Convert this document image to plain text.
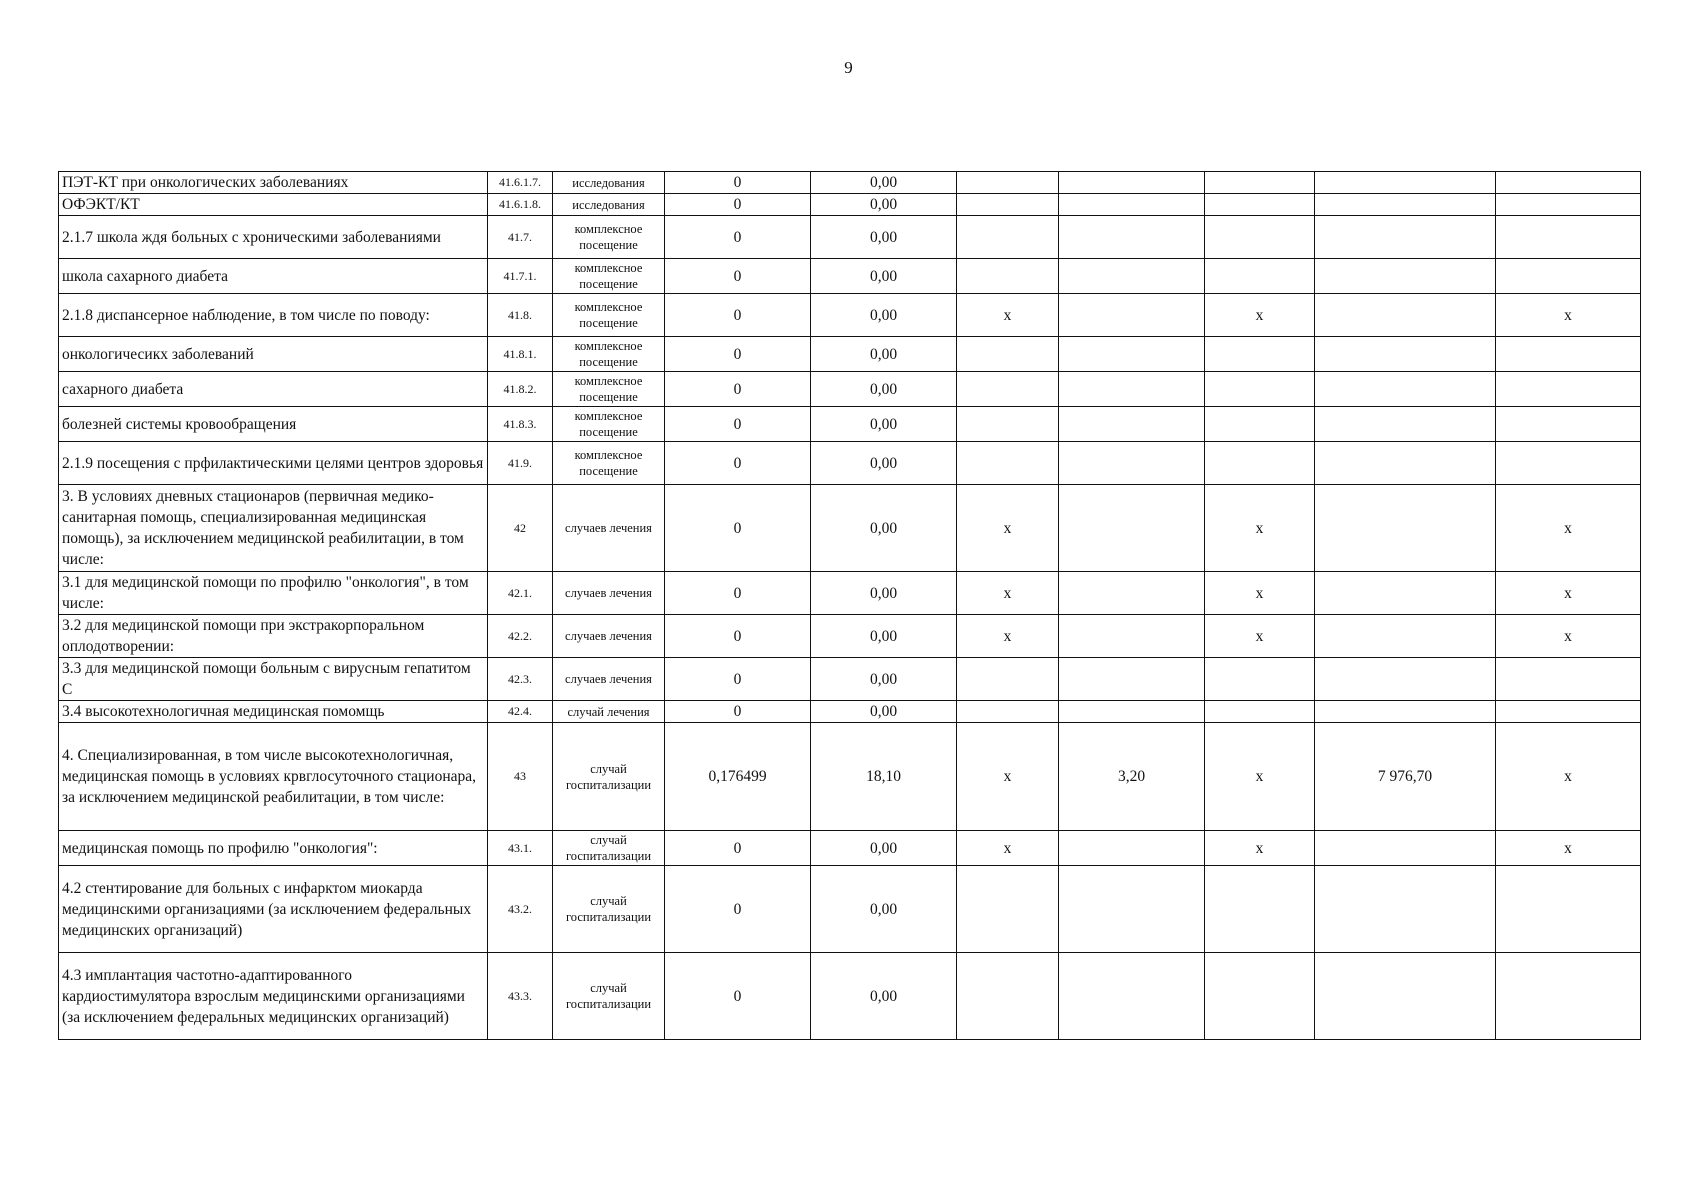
9
ПЭТ-КТ при онкологических заболеваниях	41.6.1.7.	исследования	0	0,00					
ОФЭКТ/КТ	41.6.1.8.	исследования	0	0,00					
2.1.7 школа ждя больных с хроническими заболеваниями	41.7.	комплексное посещение	0	0,00					
школа сахарного диабета	41.7.1.	комплексное посещение	0	0,00					
2.1.8 диспансерное наблюдение, в том числе по поводу:	41.8.	комплексное посещение	0	0,00	x		x		x
онкологичесикх заболеваний	41.8.1.	комплексное посещение	0	0,00					
сахарного диабета	41.8.2.	комплексное посещение	0	0,00					
болезней системы кровообращения	41.8.3.	комплексное посещение	0	0,00					
2.1.9 посещения с прфилактическими целями центров здоровья	41.9.	комплексное посещение	0	0,00					
3. В условиях дневных стационаров (первичная медико-санитарная помощь, специализированная медицинская помощь), за исключением медицинской реабилитации, в том числе:	42	случаев лечения	0	0,00	x		x		x
3.1 для медицинской помощи по профилю "онкология", в том числе:	42.1.	случаев лечения	0	0,00	x		x		x
3.2 для медицинской помощи при экстракорпоральном оплодотворении:	42.2.	случаев лечения	0	0,00	x		x		x
3.3 для медицинской помощи больным с вирусным гепатитом С	42.3.	случаев лечения	0	0,00					
3.4 высокотехнологичная медицинская помомщь	42.4.	случай лечения	0	0,00					
4. Специализированная, в том числе высокотехнологичная, медицинская помощь в условиях крвглосуточного стационара, за исключением медицинской реабилитации, в том числе:	43	случай госпитализации	0,176499	18,10	x	3,20	x	7 976,70	x
медицинская помощь по профилю "онкология":	43.1.	случай госпитализации	0	0,00	x		x		x
4.2 стентирование для больных с инфарктом миокарда медицинскими организациями (за исключением федеральных медицинских организаций)	43.2.	случай госпитализации	0	0,00					
4.3 имплантация частотно-адаптированного кардиостимулятора взрослым медицинскими организациями (за исключением федеральных медицинских организаций)	43.3.	случай госпитализации	0	0,00					
